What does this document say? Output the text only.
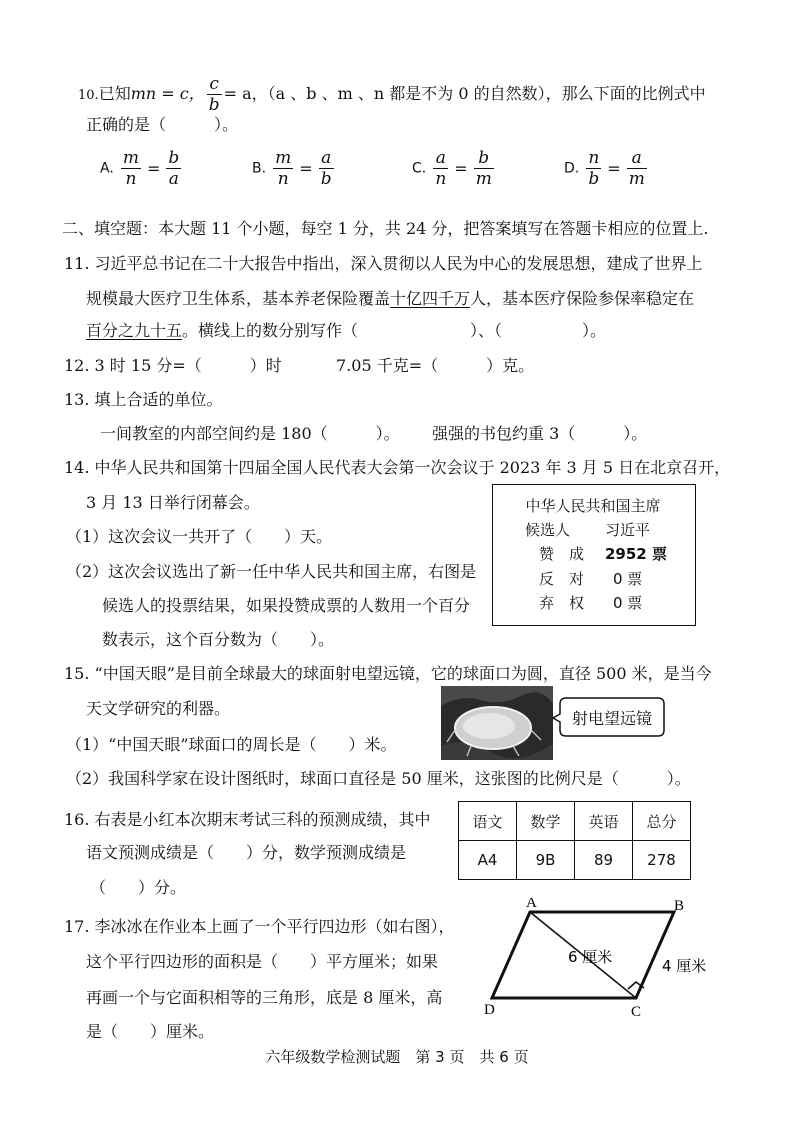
10.已知mn = c， $\frac{c}{b} = a$，（a 、b 、m 、n 都是不为 0 的自然数），那么下面的比例式中
正确的是（　　　）。
A. $\frac{m}{n} = \frac{b}{a}$	B. $\frac{m}{n} = \frac{a}{b}$	C. $\frac{a}{n} = \frac{b}{m}$	D. $\frac{n}{b} = \frac{a}{m}$
二、填空题：本大题 11 个小题，每空 1 分，共 24 分，把答案填写在答题卡相应的位置上.
11. 习近平总书记在二十大报告中指出，深入贯彻以人民为中心的发展思想，建成了世界上
规模最大医疗卫生体系，基本养老保险覆盖十亿四千万人，基本医疗保险参保率稳定在
百分之九十五。横线上的数分别写作（　　　　　　　）、（　　　　　）。
12. 3 时 15 分=（　　　）时	7.05 千克=（　　　）克。
13. 填上合适的单位。
一间教室的内部空间约是 180（　　　）。 强强的书包约重 3（　　　）。
14. 中华人民共和国第十四届全国人民代表大会第一次会议于 2023 年 3 月 5 日在北京召开，
3 月 13 日举行闭幕会。
（1）这次会议一共开了（　　）天。
（2）这次会议选出了新一任中华人民共和国主席，右图是
候选人的投票结果，如果投赞成票的人数用一个百分
数表示，这个百分数为（　　）。
中华人民共和国主席
候选人 习近平
赞　成 2952 票
反　对 0 票
弃　权 0 票
15. “中国天眼”是目前全球最大的球面射电望远镜，它的球面口为圆，直径 500 米，是当今
天文学研究的利器。
射电望远镜
（1）“中国天眼”球面口的周长是（　　）米。
（2）我国科学家在设计图纸时，球面口直径是 50 厘米，这张图的比例尺是（　　　）。
16. 右表是小红本次期末考试三科的预测成绩，其中
语文预测成绩是（　　）分，数学预测成绩是
（　　）分。
语文	数学	英语	总分
A4	9B	89	278
17. 李冰冰在作业本上画了一个平行四边形（如右图），
这个平行四边形的面积是（　　）平方厘米；如果
再画一个与它面积相等的三角形，底是 8 厘米，高
是（　　）厘米。
A	B
C
D
6 厘米	4 厘米
六年级数学检测试题　第 3 页　共 6 页
